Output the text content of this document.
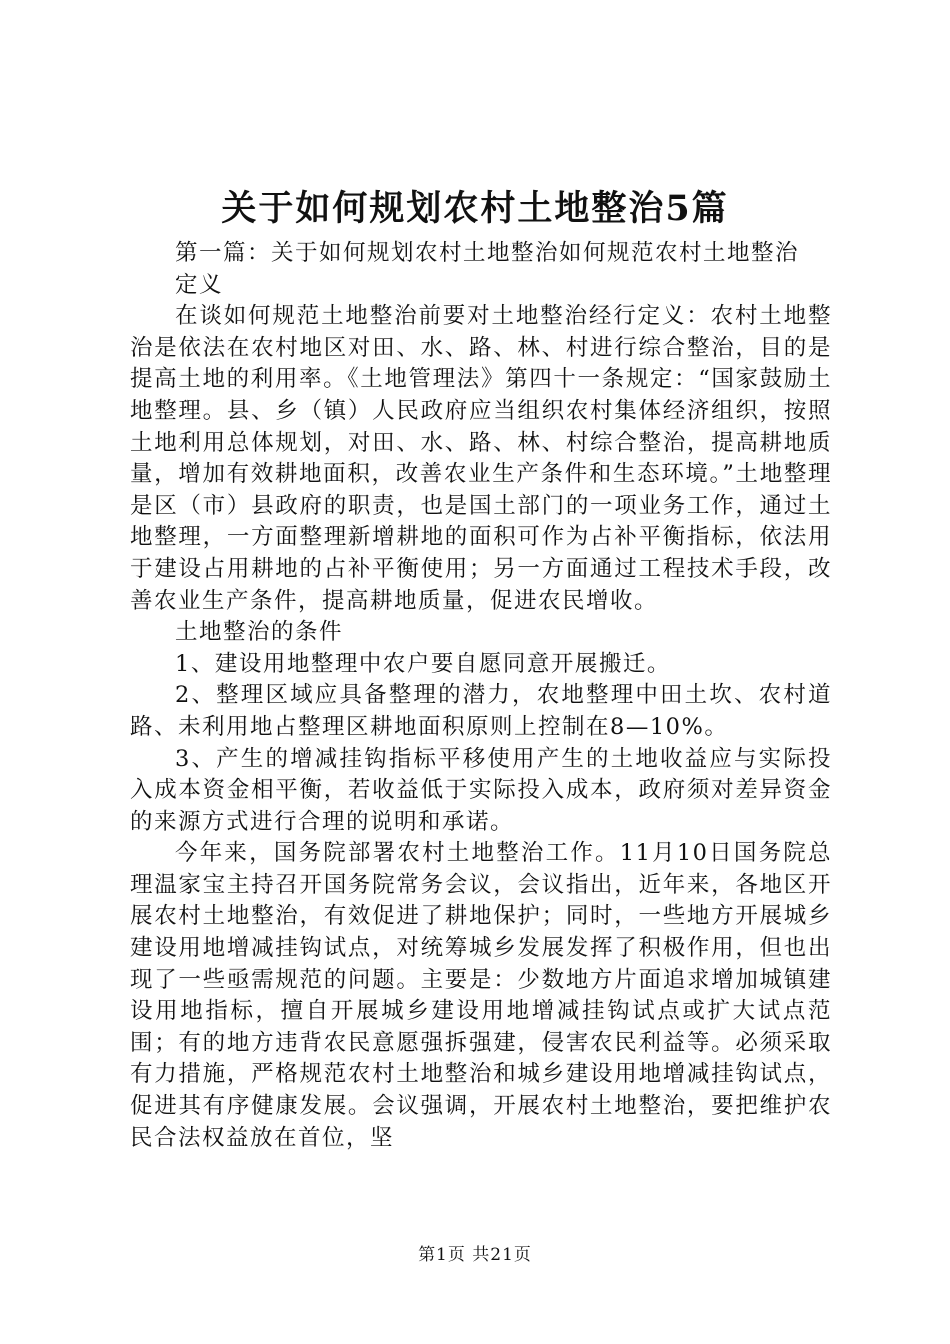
关于如何规划农村土地整治5篇

第一篇：关于如何规划农村土地整治如何规范农村土地整治

定义

在谈如何规范土地整治前要对土地整治经行定义：农村土地整治是依法在农村地区对田、水、路、林、村进行综合整治，目的是提高土地的利用率。《土地管理法》第四十一条规定：“国家鼓励土地整理。县、乡（镇）人民政府应当组织农村集体经济组织，按照土地利用总体规划，对田、水、路、林、村综合整治，提高耕地质量，增加有效耕地面积，改善农业生产条件和生态环境。”土地整理是区（市）县政府的职责，也是国土部门的一项业务工作，通过土地整理，一方面整理新增耕地的面积可作为占补平衡指标，依法用于建设占用耕地的占补平衡使用；另一方面通过工程技术手段，改善农业生产条件，提高耕地质量，促进农民增收。

土地整治的条件

1、建设用地整理中农户要自愿同意开展搬迁。

2、整理区域应具备整理的潜力，农地整理中田土坎、农村道路、未利用地占整理区耕地面积原则上控制在8—10%。

3、产生的增减挂钩指标平移使用产生的土地收益应与实际投入成本资金相平衡，若收益低于实际投入成本，政府须对差异资金的来源方式进行合理的说明和承诺。

今年来，国务院部署农村土地整治工作。11月10日国务院总理温家宝主持召开国务院常务会议，会议指出，近年来，各地区开展农村土地整治，有效促进了耕地保护；同时，一些地方开展城乡建设用地增减挂钩试点，对统筹城乡发展发挥了积极作用，但也出现了一些亟需规范的问题。主要是：少数地方片面追求增加城镇建设用地指标，擅自开展城乡建设用地增减挂钩试点或扩大试点范围；有的地方违背农民意愿强拆强建，侵害农民利益等。必须采取有力措施，严格规范农村土地整治和城乡建设用地增减挂钩试点，促进其有序健康发展。会议强调，开展农村土地整治，要把维护农民合法权益放在首位，坚

第1页 共21页
